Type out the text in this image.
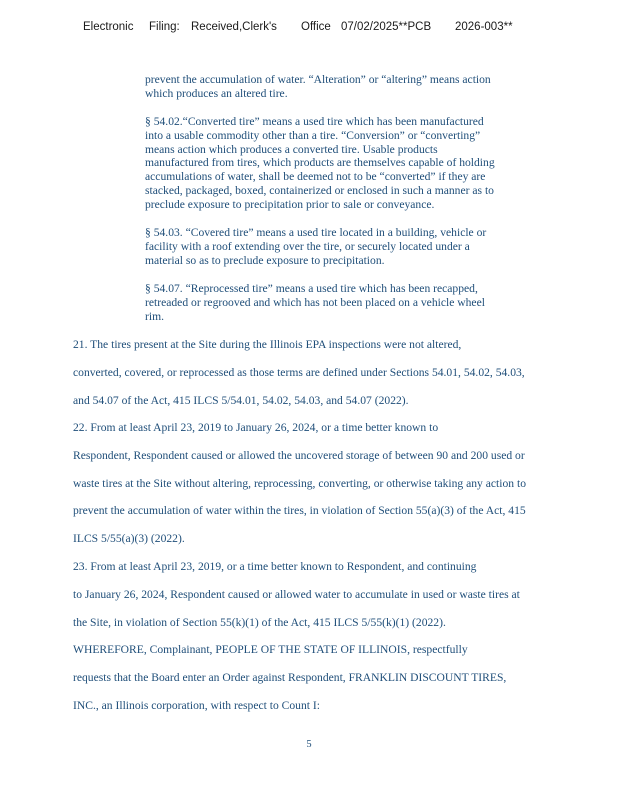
Electronic Filing: Received,Clerk's Office 07/02/2025**PCB 2026-003**
prevent the accumulation of water. “Alteration” or “altering” means action
which produces an altered tire.
§ 54.02.“Converted tire” means a used tire which has been manufactured
into a usable commodity other than a tire. “Conversion” or “converting”
means action which produces a converted tire. Usable products
manufactured from tires, which products are themselves capable of holding
accumulations of water, shall be deemed not to be “converted” if they are
stacked, packaged, boxed, containerized or enclosed in such a manner as to
preclude exposure to precipitation prior to sale or conveyance.
§ 54.03. “Covered tire” means a used tire located in a building, vehicle or
facility with a roof extending over the tire, or securely located under a
material so as to preclude exposure to precipitation.
§ 54.07. “Reprocessed tire” means a used tire which has been recapped,
retreaded or regrooved and which has not been placed on a vehicle wheel
rim.
21. The tires present at the Site during the Illinois EPA inspections were not altered,
converted, covered, or reprocessed as those terms are defined under Sections 54.01, 54.02, 54.03,
and 54.07 of the Act, 415 ILCS 5/54.01, 54.02, 54.03, and 54.07 (2022).
22. From at least April 23, 2019 to January 26, 2024, or a time better known to
Respondent, Respondent caused or allowed the uncovered storage of between 90 and 200 used or
waste tires at the Site without altering, reprocessing, converting, or otherwise taking any action to
prevent the accumulation of water within the tires, in violation of Section 55(a)(3) of the Act, 415
ILCS 5/55(a)(3) (2022).
23. From at least April 23, 2019, or a time better known to Respondent, and continuing
to January 26, 2024, Respondent caused or allowed water to accumulate in used or waste tires at
the Site, in violation of Section 55(k)(1) of the Act, 415 ILCS 5/55(k)(1) (2022).
WHEREFORE, Complainant, PEOPLE OF THE STATE OF ILLINOIS, respectfully
requests that the Board enter an Order against Respondent, FRANKLIN DISCOUNT TIRES,
INC., an Illinois corporation, with respect to Count I:
5
